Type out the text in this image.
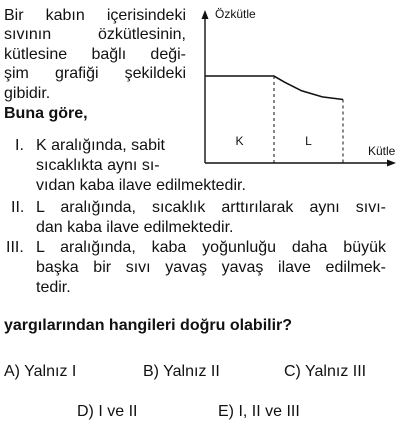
Bir kabın içerisindeki
sıvının özkütlesinin,
kütlesine bağlı deği-
şim grafiği şekildeki
gibidir.
Buna göre,
I. K aralığında, sabit
sıcaklıkta aynı sı-
vıdan kaba ilave edilmektedir.
II. L aralığında, sıcaklık arttırılarak aynı sıvı-
dan kaba ilave edilmektedir.
III. L aralığında, kaba yoğunluğu daha büyük
başka bir sıvı yavaş yavaş ilave edilmek-
tedir.
yargılarından hangileri doğru olabilir?
A) Yalnız I	B) Yalnız II	C) Yalnız III
D) I ve II	E) I, II ve III
Özkütle
Kütle
K	L
